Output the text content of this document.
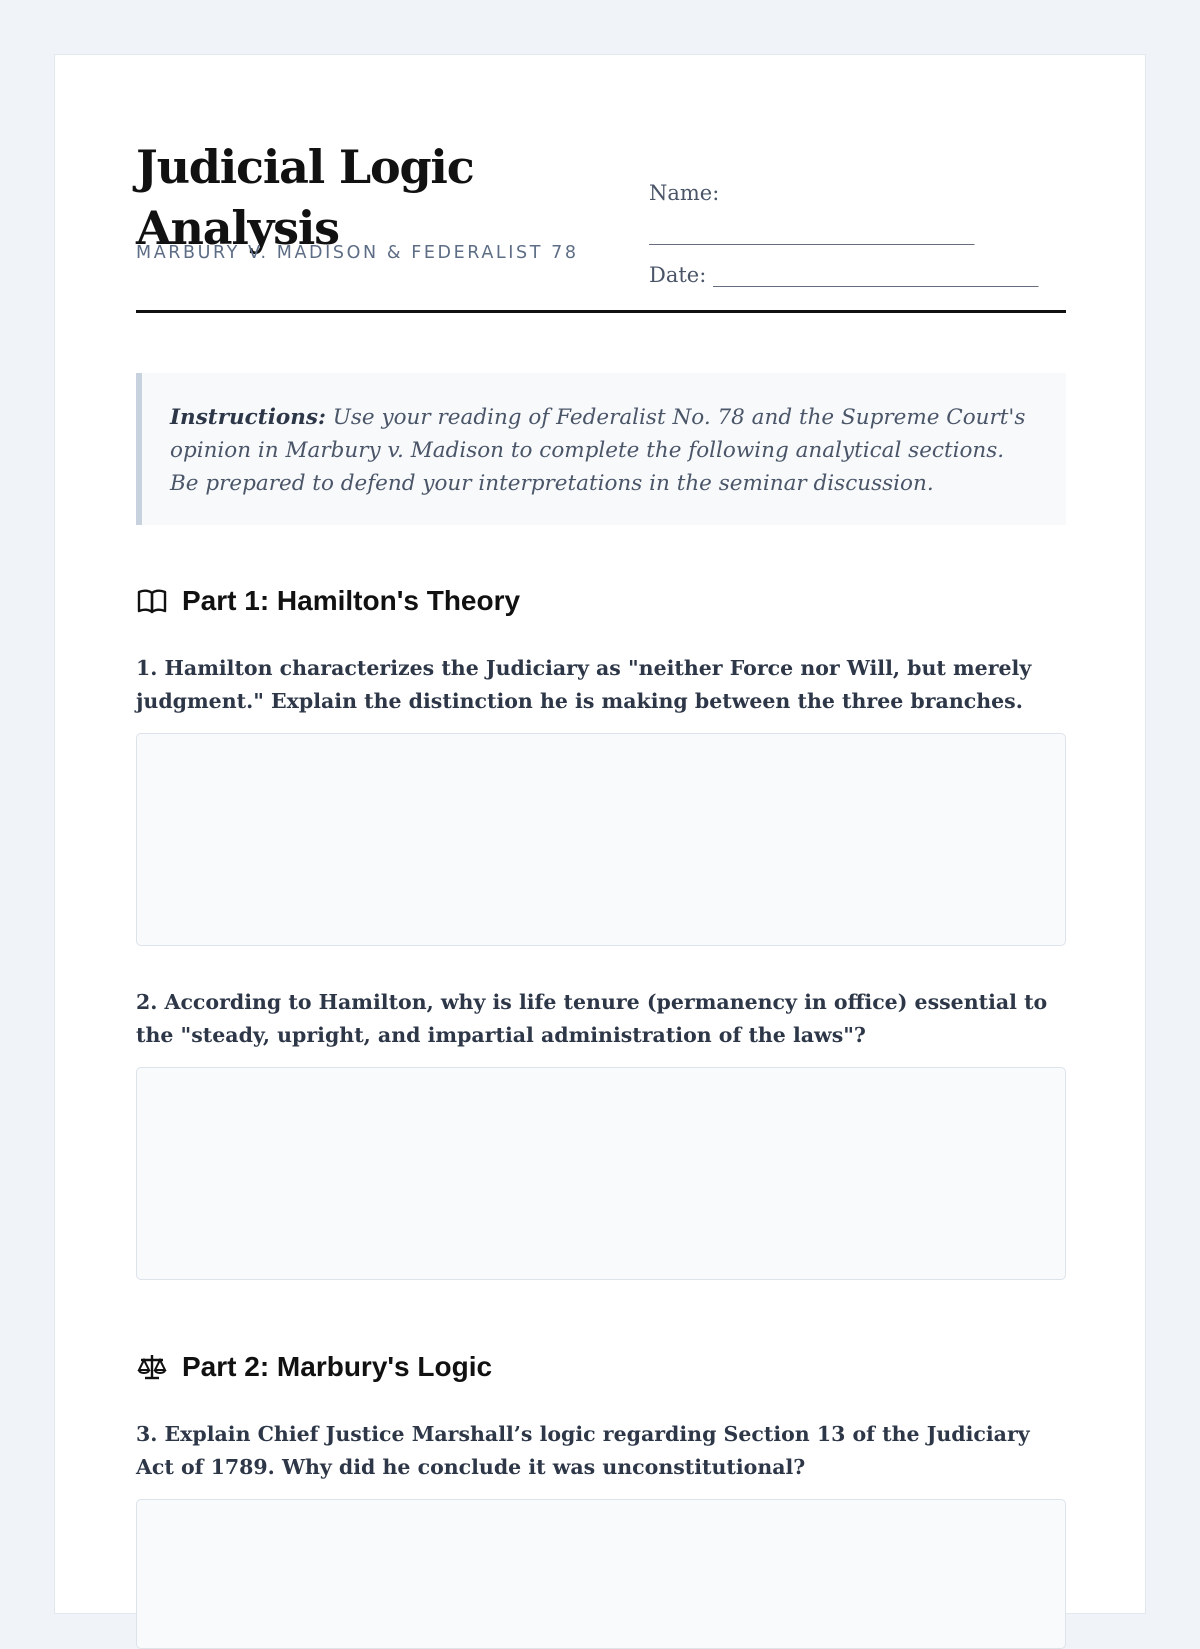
Judicial Logic Analysis
MARBURY V. MADISON & FEDERALIST 78
Name: _______________________________
Date: _______________________________
Instructions: Use your reading of Federalist No. 78 and the Supreme Court's opinion in Marbury v. Madison to complete the following analytical sections. Be prepared to defend your interpretations in the seminar discussion.
Part 1: Hamilton's Theory

1. Hamilton characterizes the Judiciary as "neither Force nor Will, but merely judgment." Explain the distinction he is making between the three branches.

2. According to Hamilton, why is life tenure (permanency in office) essential to the "steady, upright, and impartial administration of the laws"?

Part 2: Marbury's Logic

3. Explain Chief Justice Marshall’s logic regarding Section 13 of the Judiciary Act of 1789. Why did he conclude it was unconstitutional?
